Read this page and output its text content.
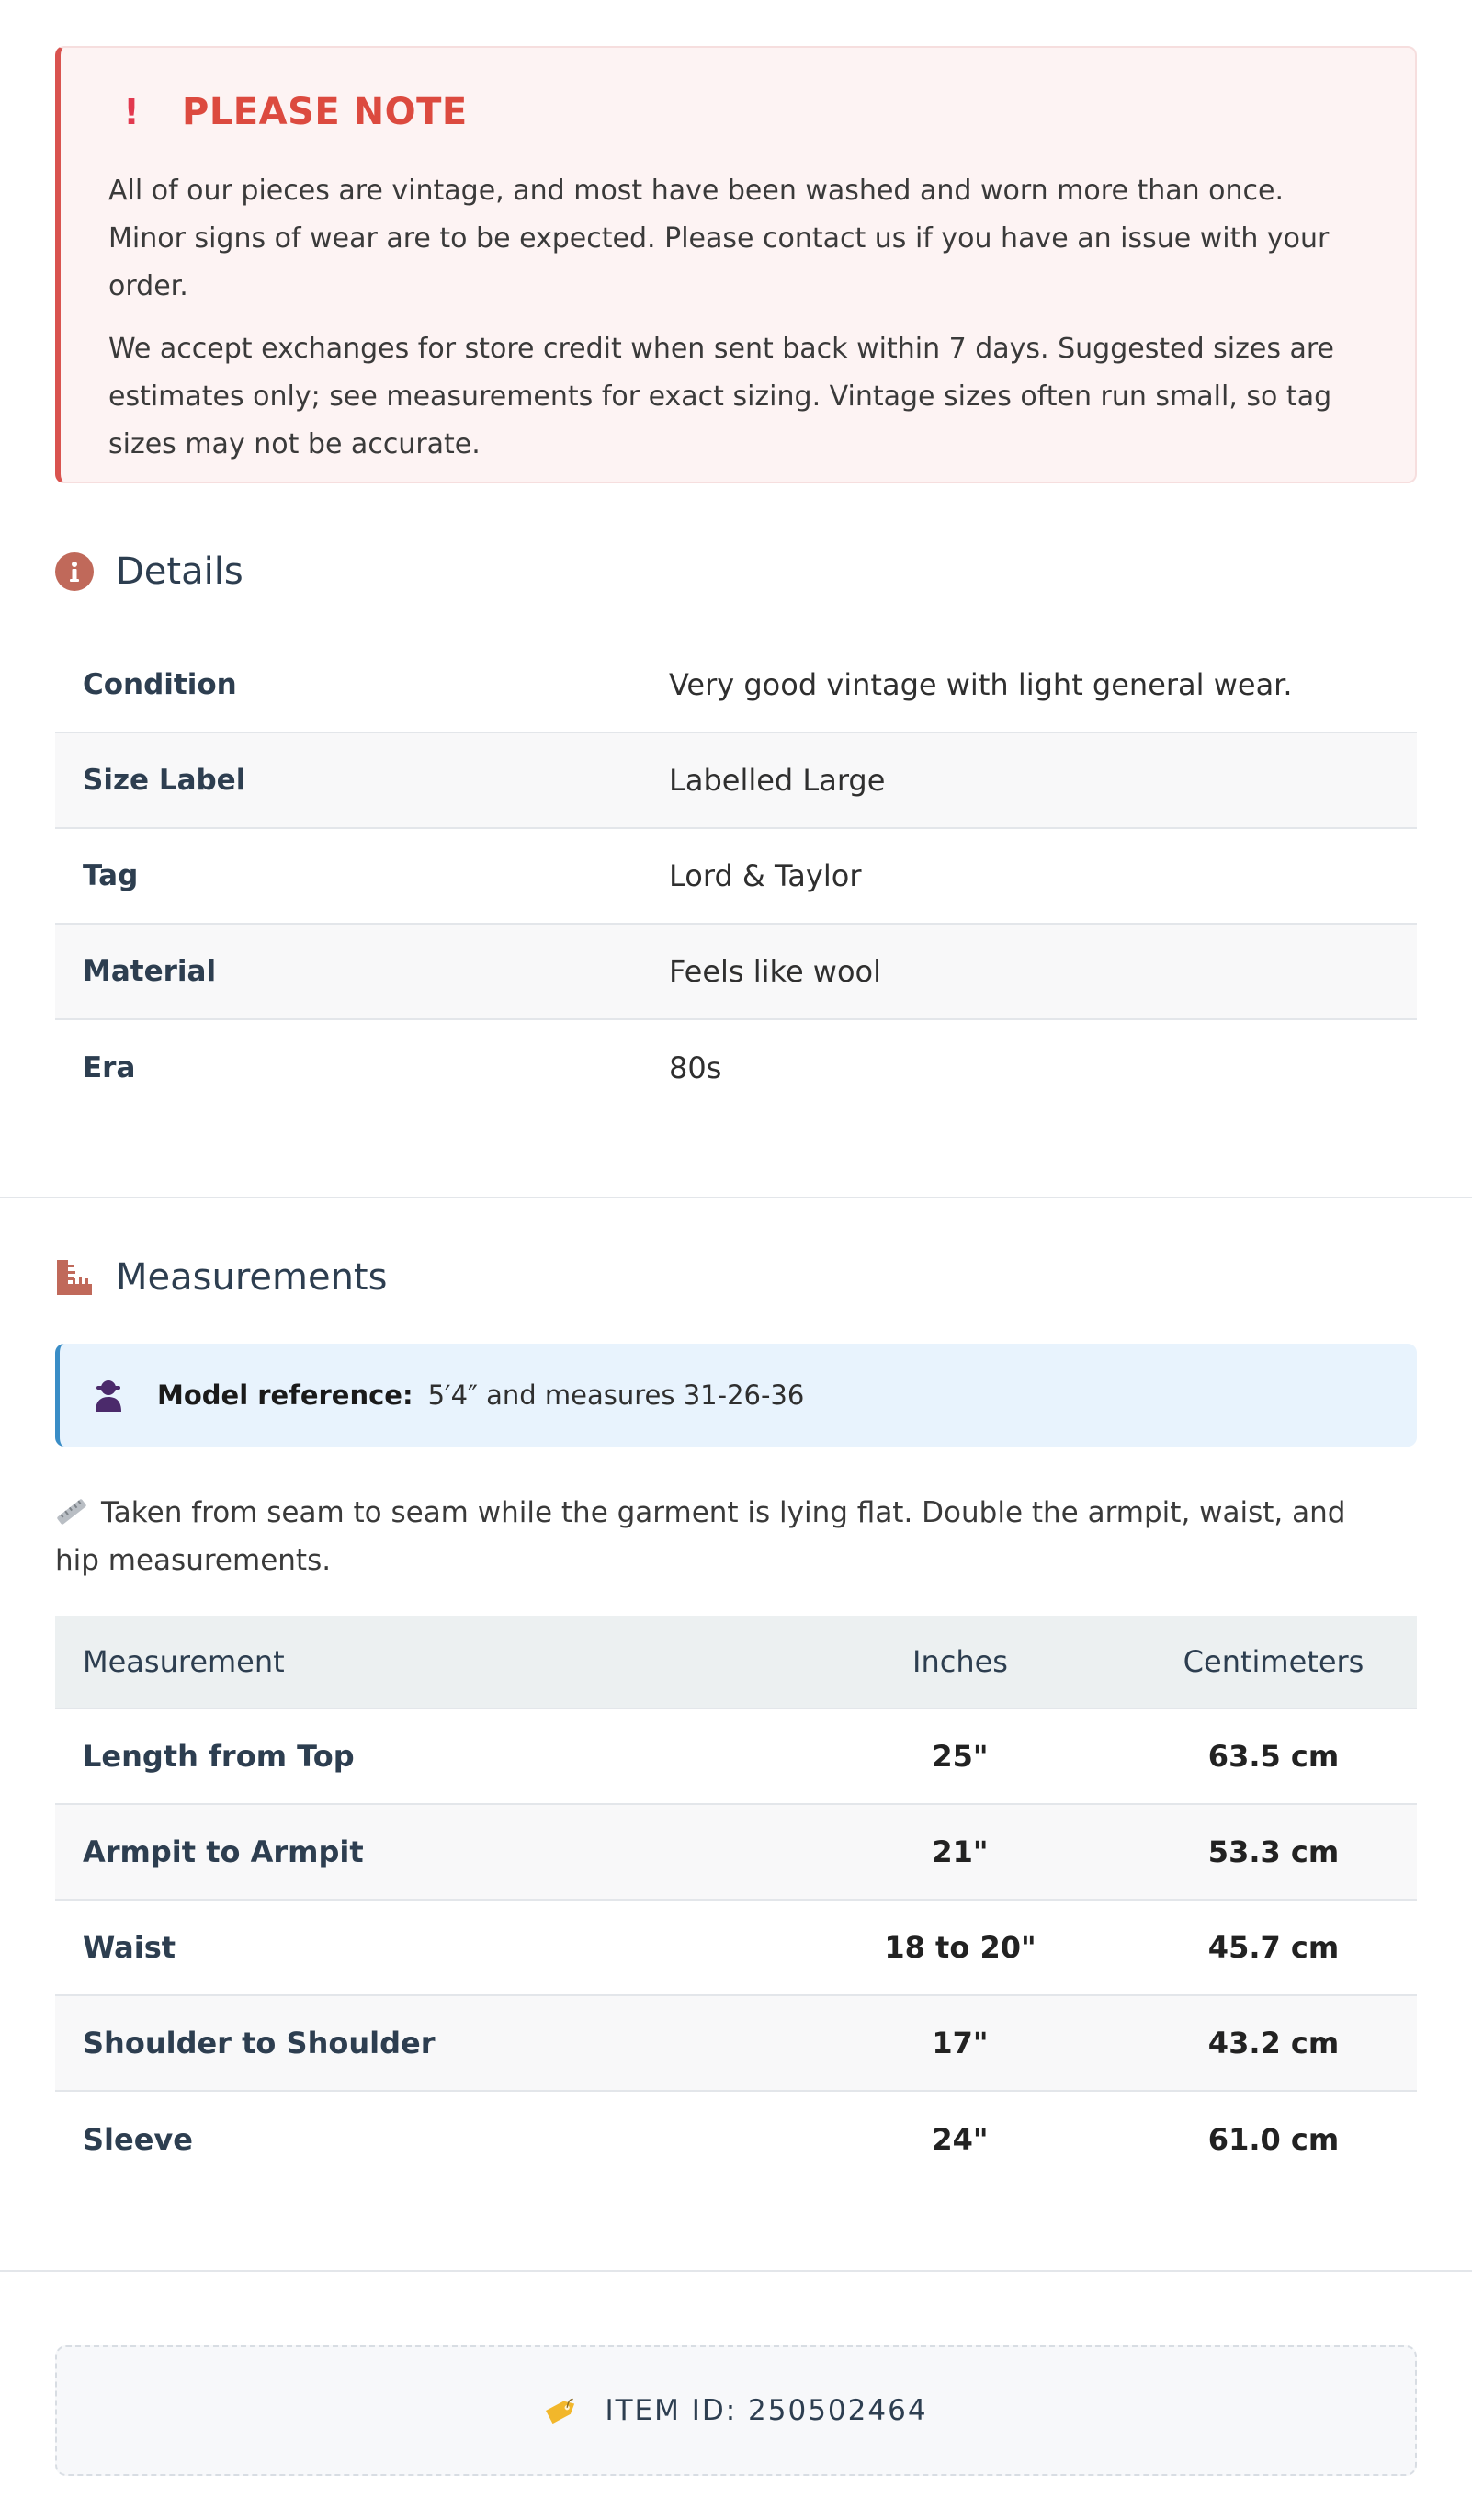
! PLEASE NOTE

All of our pieces are vintage, and most have been washed and worn more than once. Minor signs of wear are to be expected. Please contact us if you have an issue with your order.

We accept exchanges for store credit when sent back within 7 days. Suggested sizes are estimates only; see measurements for exact sizing. Vintage sizes often run small, so tag sizes may not be accurate.

Details
Condition	Very good vintage with light general wear.
Size Label	Labelled Large
Tag	Lord & Taylor
Material	Feels like wool
Era	80s
Measurements
Model reference: 5′4″ and measures 31-26-36
Taken from seam to seam while the garment is lying flat. Double the armpit, waist, and hip measurements.
Measurement	Inches	Centimeters
Length from Top	25"	63.5 cm
Armpit to Armpit	21"	53.3 cm
Waist	18 to 20"	45.7 cm
Shoulder to Shoulder	17"	43.2 cm
Sleeve	24"	61.0 cm
ITEM ID: 250502464
